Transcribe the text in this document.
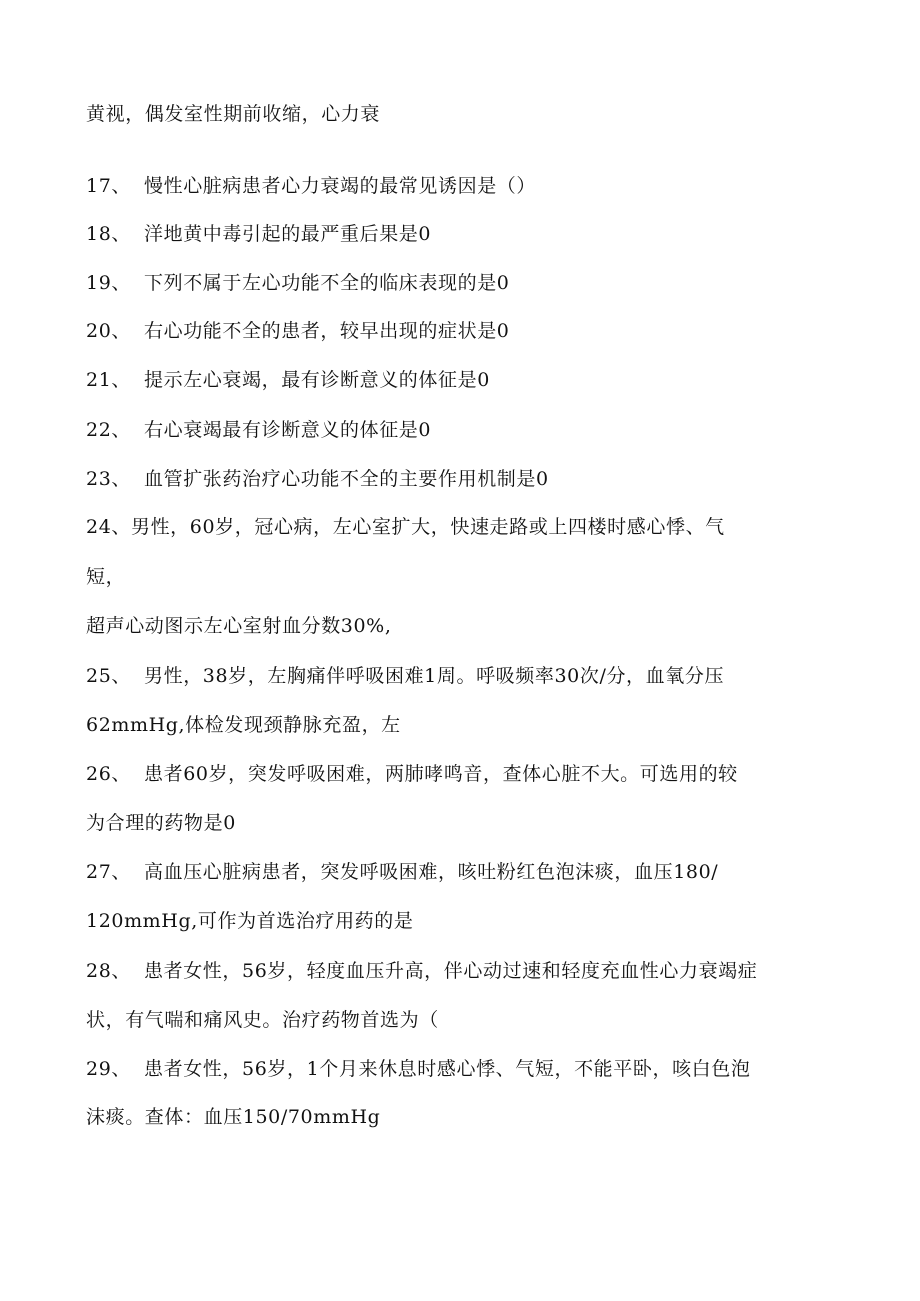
黄视，偶发室性期前收缩，心力衰
17、 慢性心脏病患者心力衰竭的最常见诱因是（）
18、 洋地黄中毒引起的最严重后果是0
19、 下列不属于左心功能不全的临床表现的是0
20、 右心功能不全的患者，较早出现的症状是0
21、 提示左心衰竭，最有诊断意义的体征是0
22、 右心衰竭最有诊断意义的体征是0
23、 血管扩张药治疗心功能不全的主要作用机制是0
24、男性，60岁，冠心病，左心室扩大，快速走路或上四楼时感心悸、气
短，
超声心动图示左心室射血分数30%,
25、 男性，38岁，左胸痛伴呼吸困难1周。呼吸频率30次/分，血氧分压
62mmHg,体检发现颈静脉充盈，左
26、 患者60岁，突发呼吸困难，两肺哮鸣音，查体心脏不大。可选用的较
为合理的药物是0
27、 高血压心脏病患者，突发呼吸困难，咳吐粉红色泡沫痰，血压180/
120mmHg,可作为首选治疗用药的是
28、 患者女性，56岁，轻度血压升高，伴心动过速和轻度充血性心力衰竭症
状，有气喘和痛风史。治疗药物首选为（
29、 患者女性，56岁，1个月来休息时感心悸、气短，不能平卧，咳白色泡
沫痰。查体：血压150/70mmHg
